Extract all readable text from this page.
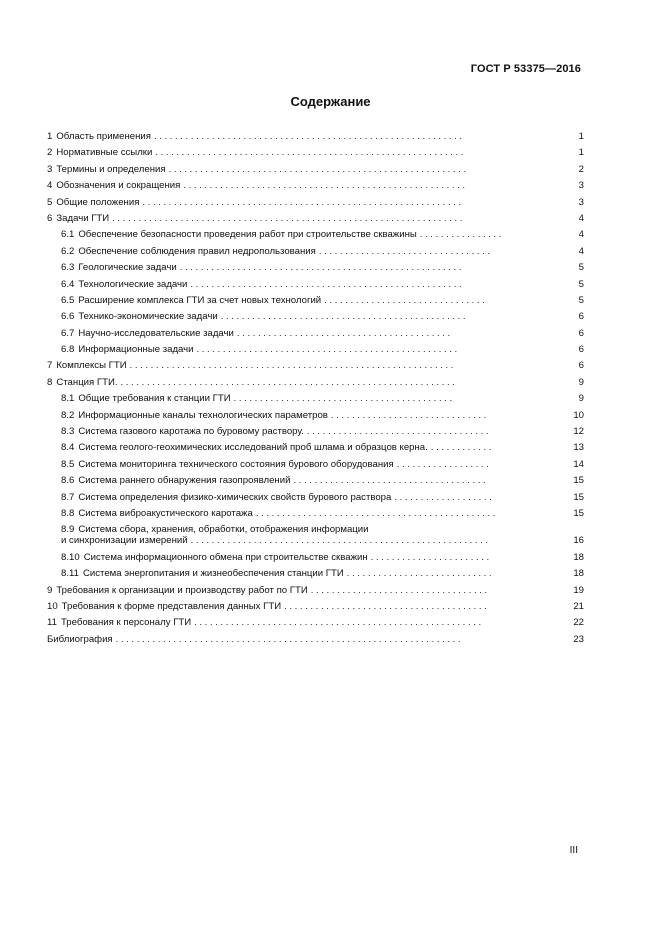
ГОСТ Р 53375—2016
Содержание
1 Область применения ...........................................................	1
2 Нормативные ссылки ...........................................................	1
3 Термины и определения .........................................................	2
4 Обозначения и сокращения ......................................................	3
5 Общие положения .............................................................	3
6 Задачи ГТИ ...................................................................	4
6.1 Обеспечение безопасности проведения работ при строительстве скважины ................	4
6.2 Обеспечение соблюдения правил недропользования .................................	4
6.3 Геологические задачи ......................................................	5
6.4 Технологические задачи ....................................................	5
6.5 Расширение комплекса ГТИ за счет новых технологий ...............................	5
6.6 Технико-экономические задачи ...............................................	6
6.7 Научно-исследовательские задачи .........................................	6
6.8 Информационные задачи ..................................................	6
7 Комплексы ГТИ ..............................................................	6
8 Станция ГТИ. ................................................................	9
8.1 Общие требования к станции ГТИ ..........................................	9
8.2 Информационные каналы технологических параметров ..............................	10
8.3 Система газового каротажа по буровому раствору. ...................................	12
8.4 Система геолого-геохимических исследований проб шлама и образцов керна. ............	13
8.5 Система мониторинга технического состояния бурового оборудования ..................	14
8.6 Система раннего обнаружения газопроявлений .....................................	15
8.7 Система определения физико-химических свойств бурового раствора ...................	15
8.8 Система виброакустического каротажа ..............................................	15
8.9 Система сбора, хранения, обработки, отображения информации
и синхронизации измерений .........................................................	16
8.10 Система информационного обмена при строительстве скважин .......................	18
8.11 Система энергопитания и жизнеобеспечения станции ГТИ ............................	18
9 Требования к организации и производству работ по ГТИ ..................................	19
10 Требования к форме представления данных ГТИ .......................................	21
11 Требования к персоналу ГТИ .......................................................	22
Библиография ..................................................................	23
III
